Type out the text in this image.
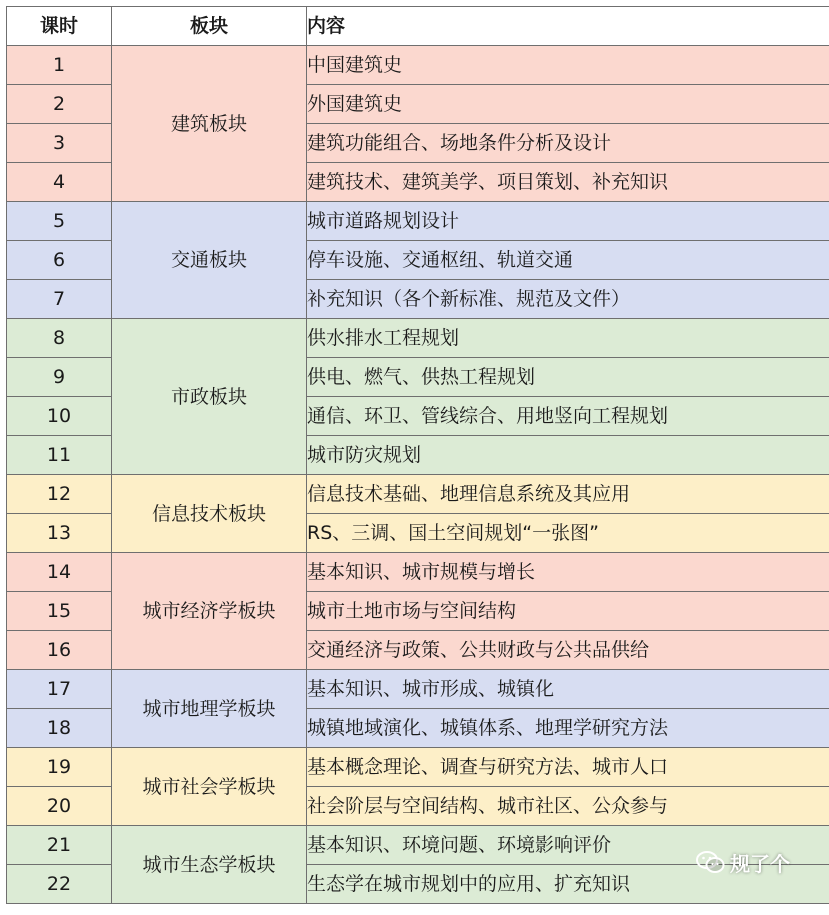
课时	板块	内容
1	建筑板块	中国建筑史
2		外国建筑史
3		建筑功能组合、场地条件分析及设计
4		建筑技术、建筑美学、项目策划、补充知识
5	交通板块	城市道路规划设计
6		停车设施、交通枢纽、轨道交通
7		补充知识（各个新标准、规范及文件）
8	市政板块	供水排水工程规划
9		供电、燃气、供热工程规划
10		通信、环卫、管线综合、用地竖向工程规划
11		城市防灾规划
12	信息技术板块	信息技术基础、地理信息系统及其应用
13		RS、三调、国土空间规划“一张图”
14	城市经济学板块	基本知识、城市规模与增长
15		城市土地市场与空间结构
16		交通经济与政策、公共财政与公共品供给
17	城市地理学板块	基本知识、城市形成、城镇化
18		城镇地域演化、城镇体系、地理学研究方法
19	城市社会学板块	基本概念理论、调查与研究方法、城市人口
20		社会阶层与空间结构、城市社区、公众参与
21	城市生态学板块	基本知识、环境问题、环境影响评价
22		生态学在城市规划中的应用、扩充知识
规了个
